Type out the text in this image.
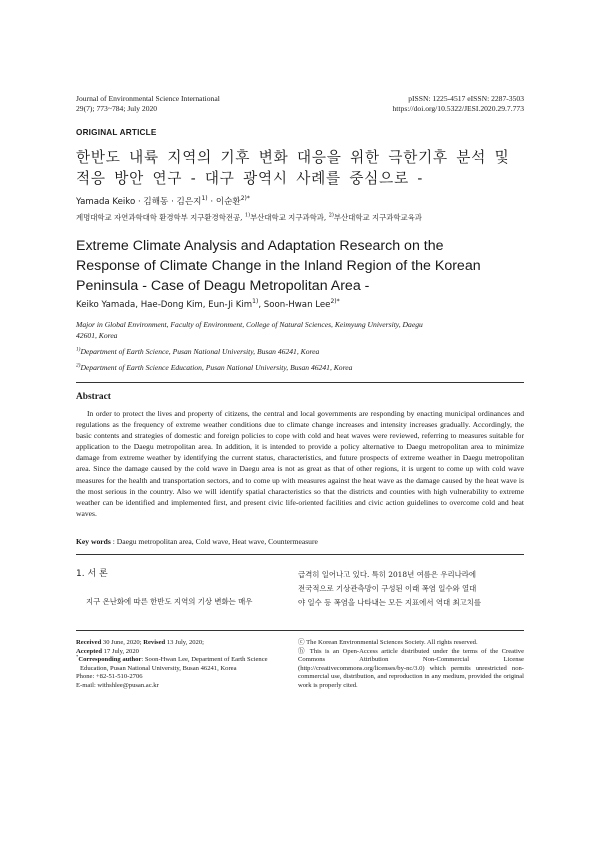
Journal of Environmental Science International
29(7); 773~784; July 2020
pISSN: 1225-4517 eISSN: 2287-3503
https://doi.org/10.5322/JESI.2020.29.7.773
ORIGINAL ARTICLE
한반도 내륙 지역의 기후 변화 대응을 위한 극한기후 분석 및
적응 방안 연구 - 대구 광역시 사례를 중심으로 -
Yamada Keiko · 김해동 · 김은지$^{1)}$ · 이순환$^{2)*}$
계명대학교 자연과학대학 환경학부 지구환경학전공, $^{1)}$부산대학교 지구과학과, $^{2)}$부산대학교 지구과학교육과
Extreme Climate Analysis and Adaptation Research on the
Response of Climate Change in the Inland Region of the Korean
Peninsula - Case of Deagu Metropolitan Area -
Keiko Yamada, Hae-Dong Kim, Eun-Ji Kim$^{1)}$, Soon-Hwan Lee$^{2)*}$

Major in Global Environment, Faculty of Environment, College of Natural Sciences, Keimyung University, Daegu
42601, Korea

$^{1)}$Department of Earth Science, Pusan National University, Busan 46241, Korea

$^{2)}$Department of Earth Science Education, Pusan National University, Busan 46241, Korea

Abstract
In order to protect the lives and property of citizens, the central and local governments are responding by enacting municipal ordinances and regulations as the frequency of extreme weather conditions due to climate change increases and intensity increases gradually. Accordingly, the basic contents and strategies of domestic and foreign policies to cope with cold and heat waves were reviewed, referring to measures suitable for application to the Daegu metropolitan area. In addition, it is intended to provide a policy alternative to Daegu metropolitan area to minimize damage from extreme weather by identifying the current status, characteristics, and future prospects of extreme weather in Daegu metropolitan area. Since the damage caused by the cold wave in Daegu area is not as great as that of other regions, it is urgent to come up with cold wave measures for the health and transportation sectors, and to come up with measures against the heat wave as the damage caused by the heat wave is the most serious in the country. Also we will identify spatial characteristics so that the districts and counties with high vulnerability to extreme weather can be identified and implemented first, and present civic life-oriented facilities and civic action guidelines to overcome cold and heat waves.
Key words : Daegu metropolitan area, Cold wave, Heat wave, Countermeasure
1. 서 론
지구 온난화에 따른 한반도 지역의 기상 변화는 매우
급격히 일어나고 있다. 특히 2018년 여름은 우리나라에
전국적으로 기상관측망이 구성된 이래 폭염 일수와 열대
야 일수 등 폭염을 나타내는 모든 지표에서 역대 최고치를
Received 30 June, 2020; Revised 13 July, 2020;
Accepted 17 July, 2020
*Corresponding author: Soon-Hwan Lee, Department of Earth Science
Education, Pusan National University, Busan 46241, Korea
Phone: +82-51-510-2706
E-mail: withshlee@pusan.ac.kr
ⓒ The Korean Environmental Sciences Society. All rights reserved.
ⓗ This is an Open-Access article distributed under the terms of the Creative Commons Attribution Non-Commercial License (http://creativecommons.org/licenses/by-nc/3.0) which permits unrestricted non-commercial use, distribution, and reproduction in any medium, provided the original work is properly cited.
